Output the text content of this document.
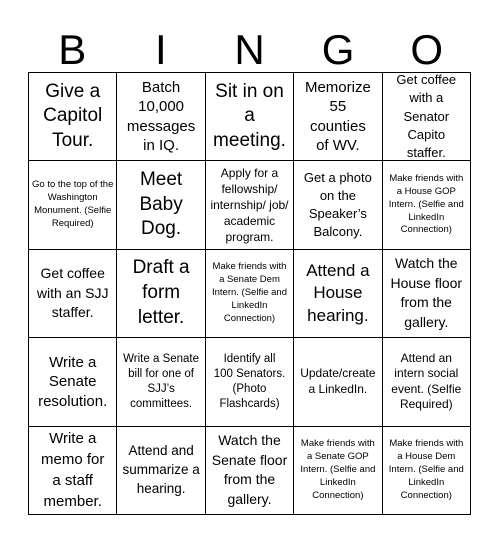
B	I	N	G	O
Give a Capitol Tour.
Batch 10,000 messages in IQ.
Sit in on a meeting.
Memorize 55 counties of WV.
Get coffee with a Senator Capito staffer.
Go to the top of the Washington Monument. (Selfie Required)
Meet Baby Dog.
Apply for a fellowship/ internship/ job/ academic program.
Get a photo on the Speaker’s Balcony.
Make friends with a House GOP Intern. (Selfie and LinkedIn Connection)
Get coffee with an SJJ staffer.
Draft a form letter.
Make friends with a Senate Dem Intern. (Selfie and LinkedIn Connection)
Attend a House hearing.
Watch the House floor from the gallery.
Write a Senate resolution.
Write a Senate bill for one of SJJ’s committees.
Identify all 100 Senators. (Photo Flashcards)
Update/create a LinkedIn.
Attend an intern social event. (Selfie Required)
Write a memo for a staff member.
Attend and summarize a hearing.
Watch the Senate floor from the gallery.
Make friends with a Senate GOP Intern. (Selfie and LinkedIn Connection)
Make friends with a House Dem Intern. (Selfie and LinkedIn Connection)
